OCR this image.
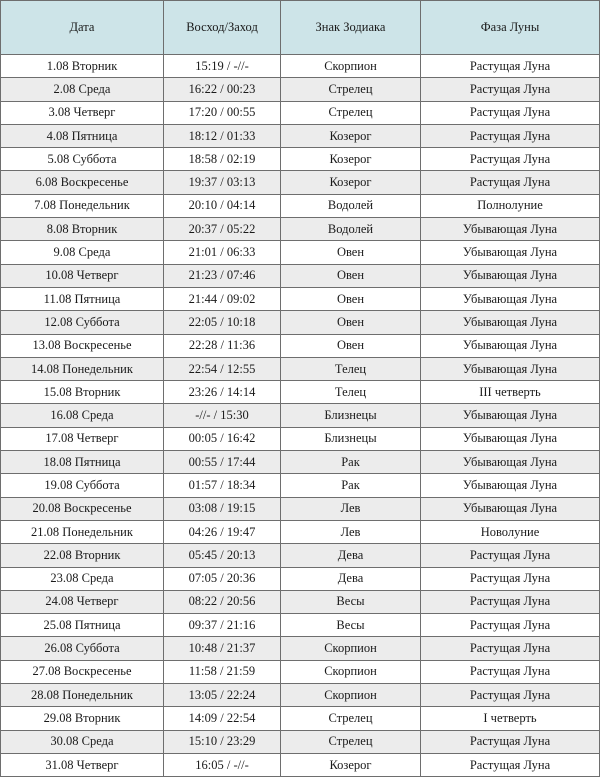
Дата	Восход/Заход	Знак Зодиака	Фаза Луны
1.08 Вторник	15:19 / -//-	Скорпион	Растущая Луна
2.08 Среда	16:22 / 00:23	Стрелец	Растущая Луна
3.08 Четверг	17:20 / 00:55	Стрелец	Растущая Луна
4.08 Пятница	18:12 / 01:33	Козерог	Растущая Луна
5.08 Суббота	18:58 / 02:19	Козерог	Растущая Луна
6.08 Воскресенье	19:37 / 03:13	Козерог	Растущая Луна
7.08 Понедельник	20:10 / 04:14	Водолей	Полнолуние
8.08 Вторник	20:37 / 05:22	Водолей	Убывающая Луна
9.08 Среда	21:01 / 06:33	Овен	Убывающая Луна
10.08 Четверг	21:23 / 07:46	Овен	Убывающая Луна
11.08 Пятница	21:44 / 09:02	Овен	Убывающая Луна
12.08 Суббота	22:05 / 10:18	Овен	Убывающая Луна
13.08 Воскресенье	22:28 / 11:36	Овен	Убывающая Луна
14.08 Понедельник	22:54 / 12:55	Телец	Убывающая Луна
15.08 Вторник	23:26 / 14:14	Телец	III четверть
16.08 Среда	-//- / 15:30	Близнецы	Убывающая Луна
17.08 Четверг	00:05 / 16:42	Близнецы	Убывающая Луна
18.08 Пятница	00:55 / 17:44	Рак	Убывающая Луна
19.08 Суббота	01:57 / 18:34	Рак	Убывающая Луна
20.08 Воскресенье	03:08 / 19:15	Лев	Убывающая Луна
21.08 Понедельник	04:26 / 19:47	Лев	Новолуние
22.08 Вторник	05:45 / 20:13	Дева	Растущая Луна
23.08 Среда	07:05 / 20:36	Дева	Растущая Луна
24.08 Четверг	08:22 / 20:56	Весы	Растущая Луна
25.08 Пятница	09:37 / 21:16	Весы	Растущая Луна
26.08 Суббота	10:48 / 21:37	Скорпион	Растущая Луна
27.08 Воскресенье	11:58 / 21:59	Скорпион	Растущая Луна
28.08 Понедельник	13:05 / 22:24	Скорпион	Растущая Луна
29.08 Вторник	14:09 / 22:54	Стрелец	I четверть
30.08 Среда	15:10 / 23:29	Стрелец	Растущая Луна
31.08 Четверг	16:05 / -//-	Козерог	Растущая Луна
